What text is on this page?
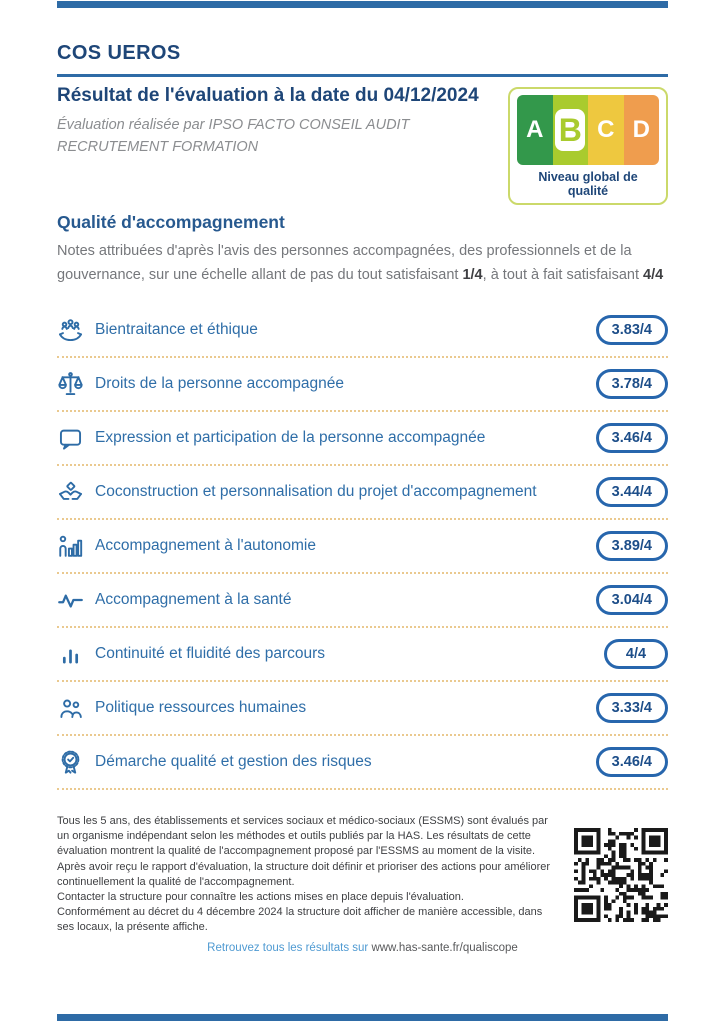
COS UEROS
Résultat de l'évaluation à la date du 04/12/2024
Évaluation réalisée par IPSO FACTO CONSEIL AUDIT RECRUTEMENT FORMATION
A B C D
Niveau global de qualité
Qualité d'accompagnement
Notes attribuées d'après l'avis des personnes accompagnées, des professionnels et de la gouvernance, sur une échelle allant de pas du tout satisfaisant 1/4, à tout à fait satisfaisant 4/4
Bientraitance et éthique	3.83/4
Droits de la personne accompagnée	3.78/4
Expression et participation de la personne accompagnée	3.46/4
Coconstruction et personnalisation du projet d'accompagnement	3.44/4
Accompagnement à l'autonomie	3.89/4
Accompagnement à la santé	3.04/4
Continuité et fluidité des parcours	4/4
Politique ressources humaines	3.33/4
Démarche qualité et gestion des risques	3.46/4

Tous les 5 ans, des établissements et services sociaux et médico-sociaux (ESSMS) sont évalués par un organisme indépendant selon les méthodes et outils publiés par la HAS. Les résultats de cette évaluation montrent la qualité de l'accompagnement proposé par l'ESSMS au moment de la visite. Après avoir reçu le rapport d'évaluation, la structure doit définir et prioriser des actions pour améliorer continuellement la qualité de l'accompagnement.

Contacter la structure pour connaître les actions mises en place depuis l'évaluation.

Conformément au décret du 4 décembre 2024 la structure doit afficher de manière accessible, dans ses locaux, la présente affiche.

Retrouvez tous les résultats sur www.has-sante.fr/qualiscope
